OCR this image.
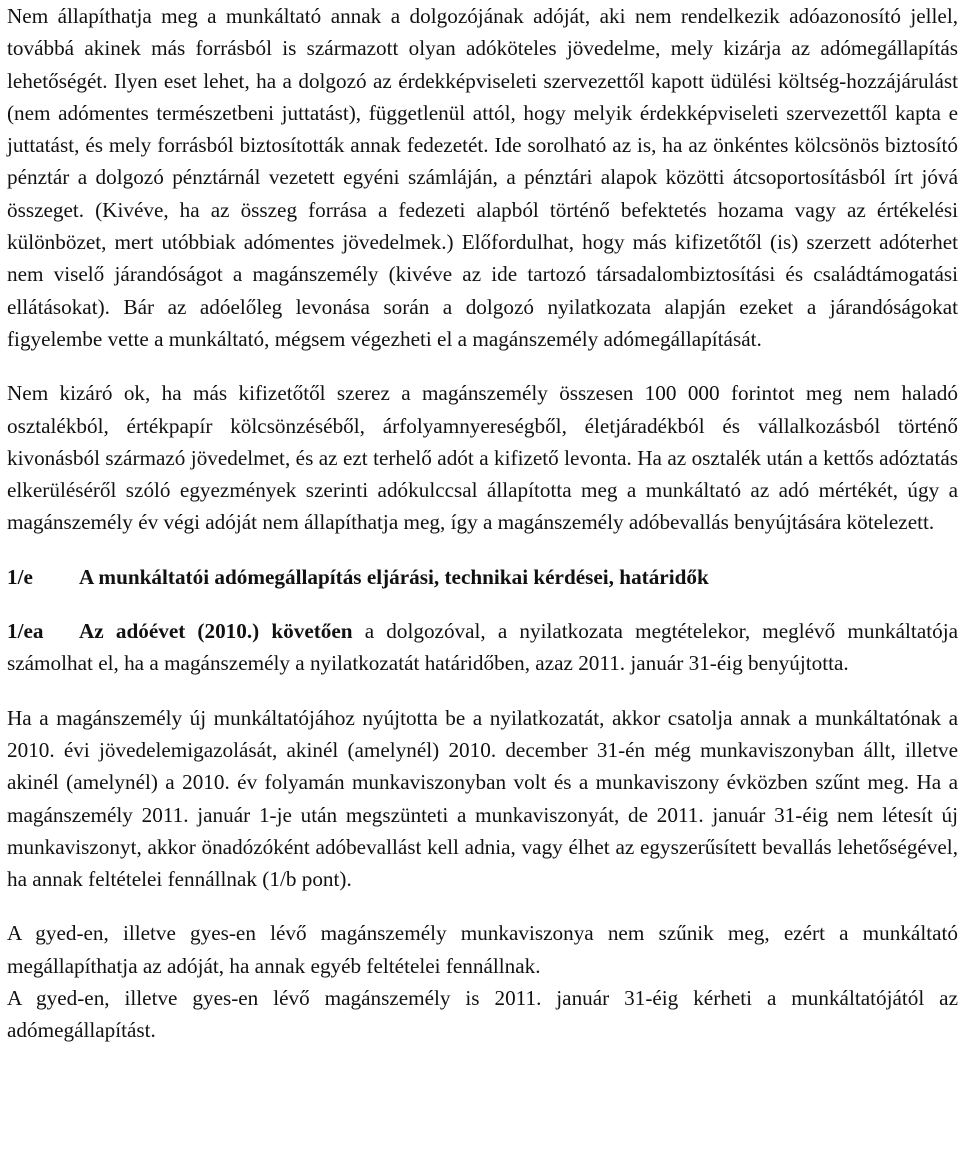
Nem állapíthatja meg a munkáltató annak a dolgozójának adóját, aki nem rendelkezik adóazonosító jellel, továbbá akinek más forrásból is származott olyan adóköteles jövedelme, mely kizárja az adómegállapítás lehetőségét. Ilyen eset lehet, ha a dolgozó az érdekképviseleti szervezettől kapott üdülési költség-hozzájárulást (nem adómentes természetbeni juttatást), függetlenül attól, hogy melyik érdekképviseleti szervezettől kapta e juttatást, és mely forrásból biztosították annak fedezetét. Ide sorolható az is, ha az önkéntes kölcsönös biztosító pénztár a dolgozó pénztárnál vezetett egyéni számláján, a pénztári alapok közötti átcsoportosításból írt jóvá összeget. (Kivéve, ha az összeg forrása a fedezeti alapból történő befektetés hozama vagy az értékelési különbözet, mert utóbbiak adómentes jövedelmek.) Előfordulhat, hogy más kifizetőtől (is) szerzett adóterhet nem viselő járandóságot a magánszemély (kivéve az ide tartozó társadalombiztosítási és családtámogatási ellátásokat). Bár az adóelőleg levonása során a dolgozó nyilatkozata alapján ezeket a járandóságokat figyelembe vette a munkáltató, mégsem végezheti el a magánszemély adómegállapítását.

Nem kizáró ok, ha más kifizetőtől szerez a magánszemély összesen 100 000 forintot meg nem haladó osztalékból, értékpapír kölcsönzéséből, árfolyamnyereségből, életjáradékból és vállalkozásból történő kivonásból származó jövedelmet, és az ezt terhelő adót a kifizető levonta. Ha az osztalék után a kettős adóztatás elkerüléséről szóló egyezmények szerinti adókulccsal állapította meg a munkáltató az adó mértékét, úgy a magánszemély év végi adóját nem állapíthatja meg, így a magánszemély adóbevallás benyújtására kötelezett.

1/e	A munkáltatói adómegállapítás eljárási, technikai kérdései, határidők

1/ea Az adóévet (2010.) követően a dolgozóval, a nyilatkozata megtételekor, meglévő munkáltatója számolhat el, ha a magánszemély a nyilatkozatát határidőben, azaz 2011. január 31-éig benyújtotta.

Ha a magánszemély új munkáltatójához nyújtotta be a nyilatkozatát, akkor csatolja annak a munkáltatónak a 2010. évi jövedelemigazolását, akinél (amelynél) 2010. december 31-én még munkaviszonyban állt, illetve akinél (amelynél) a 2010. év folyamán munkaviszonyban volt és a munkaviszony évközben szűnt meg. Ha a magánszemély 2011. január 1-je után megszünteti a munkaviszonyát, de 2011. január 31-éig nem létesít új munkaviszonyt, akkor önadózóként adóbevallást kell adnia, vagy élhet az egyszerűsített bevallás lehetőségével, ha annak feltételei fennállnak (1/b pont).

A gyed-en, illetve gyes-en lévő magánszemély munkaviszonya nem szűnik meg, ezért a munkáltató megállapíthatja az adóját, ha annak egyéb feltételei fennállnak.

A gyed-en, illetve gyes-en lévő magánszemély is 2011. január 31-éig kérheti a munkáltatójától az adómegállapítást.
